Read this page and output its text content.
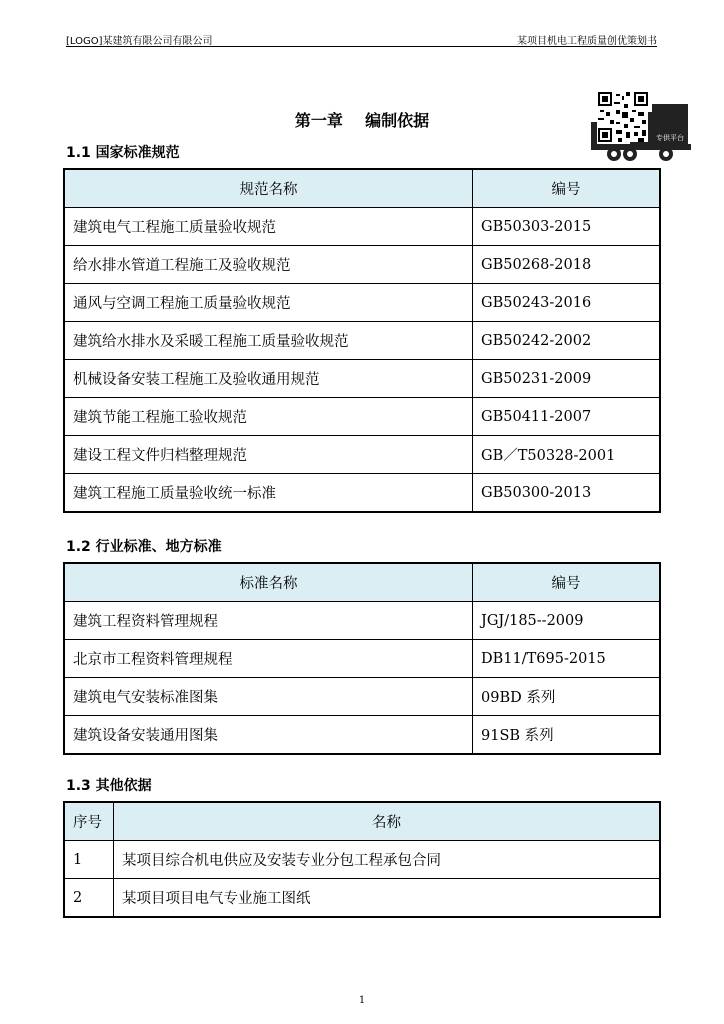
[LOGO]某建筑有限公司有限公司	某项目机电工程质量创优策划书
第一章    编制依据
专供平台
1.1 国家标准规范
规范名称	编号
建筑电气工程施工质量验收规范	GB50303-2015
给水排水管道工程施工及验收规范	GB50268-2018
通风与空调工程施工质量验收规范	GB50243-2016
建筑给水排水及采暖工程施工质量验收规范	GB50242-2002
机械设备安装工程施工及验收通用规范	GB50231-2009
建筑节能工程施工验收规范	GB50411-2007
建设工程文件归档整理规范	GB／T50328-2001
建筑工程施工质量验收统一标准	GB50300-2013
1.2 行业标准、地方标准
标准名称	编号
建筑工程资料管理规程	JGJ/185--2009
北京市工程资料管理规程	DB11/T695-2015
建筑电气安装标准图集	09BD 系列
建筑设备安装通用图集	91SB 系列
1.3 其他依据
序号	名称
1	某项目综合机电供应及安装专业分包工程承包合同
2	某项目项目电气专业施工图纸
1
